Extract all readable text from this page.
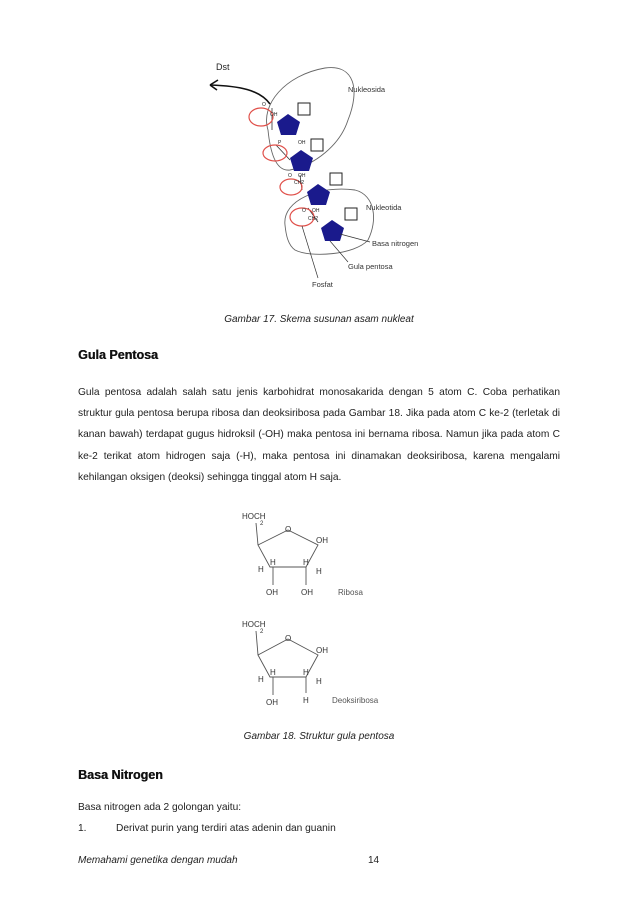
Dst
Nukleosida
Nukleotida
O
OH
OH
P
O OH
CH2
O OH
CH2
Basa nitrogen
Gula pentosa
Fosfat
Gambar 17. Skema susunan asam nukleat
Gula Pentosa
Gula pentosa adalah salah satu jenis karbohidrat monosakarida dengan 5 atom C. Coba perhatikan struktur gula pentosa berupa ribosa dan deoksiribosa pada Gambar 18. Jika pada atom C ke-2 (terletak di kanan bawah) terdapat gugus hidroksil (-OH) maka pentosa ini bernama ribosa. Namun jika pada atom C ke-2 terikat atom hidrogen saja (-H), maka pentosa ini dinamakan deoksiribosa, karena mengalami kehilangan oksigen (deoksi) sehingga tinggal atom H saja.
HOCH
2
O
OH
H
H	H
H
OH	OH	Ribosa
HOCH
2
O
OH
H
H	H
H
OH	H	Deoksiribosa
Gambar 18. Struktur gula pentosa
Basa Nitrogen
Basa nitrogen ada 2 golongan yaitu:
1.	Derivat purin yang terdiri atas adenin dan guanin
Memahami genetika dengan mudah	14
